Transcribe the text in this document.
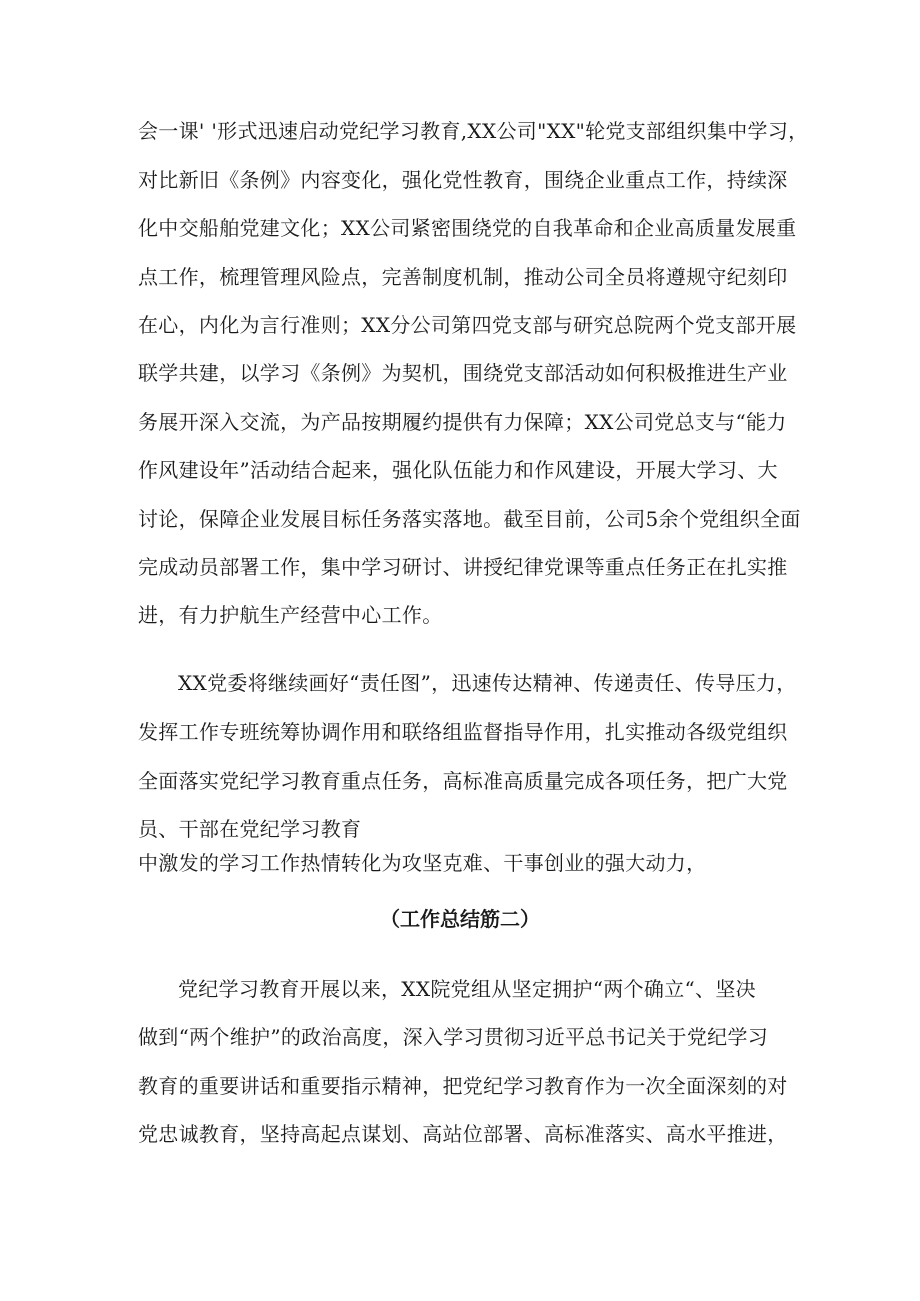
会一课' '形式迅速启动党纪学习教育,XX公司"XX"轮党支部组织集中学习，
对比新旧《条例》内容变化，强化党性教育，围绕企业重点工作，持续深
化中交船舶党建文化；XX公司紧密围绕党的自我革命和企业高质量发展重
点工作，梳理管理风险点，完善制度机制，推动公司全员将遵规守纪刻印
在心，内化为言行准则；XX分公司第四党支部与研究总院两个党支部开展
联学共建，以学习《条例》为契机，围绕党支部活动如何积极推进生产业
务展开深入交流，为产品按期履约提供有力保障；XX公司党总支与“能力
作风建设年”活动结合起来，强化队伍能力和作风建设，开展大学习、大
讨论，保障企业发展目标任务落实落地。截至目前，公司5余个党组织全面
完成动员部署工作，集中学习研讨、讲授纪律党课等重点任务正在扎实推
进，有力护航生产经营中心工作。
XX党委将继续画好“责任图”，迅速传达精神、传递责任、传导压力，
发挥工作专班统筹协调作用和联络组监督指导作用，扎实推动各级党组织
全面落实党纪学习教育重点任务，高标准高质量完成各项任务，把广大党
员、干部在党纪学习教育
中激发的学习工作热情转化为攻坚克难、干事创业的强大动力，
（工作总结筋二）
党纪学习教育开展以来，XX院党组从坚定拥护“两个确立“、坚决
做到“两个维护”的政治高度，深入学习贯彻习近平总书记关于党纪学习
教育的重要讲话和重要指示精神，把党纪学习教育作为一次全面深刻的对
党忠诚教育，坚持高起点谋划、高站位部署、高标准落实、高水平推进，
